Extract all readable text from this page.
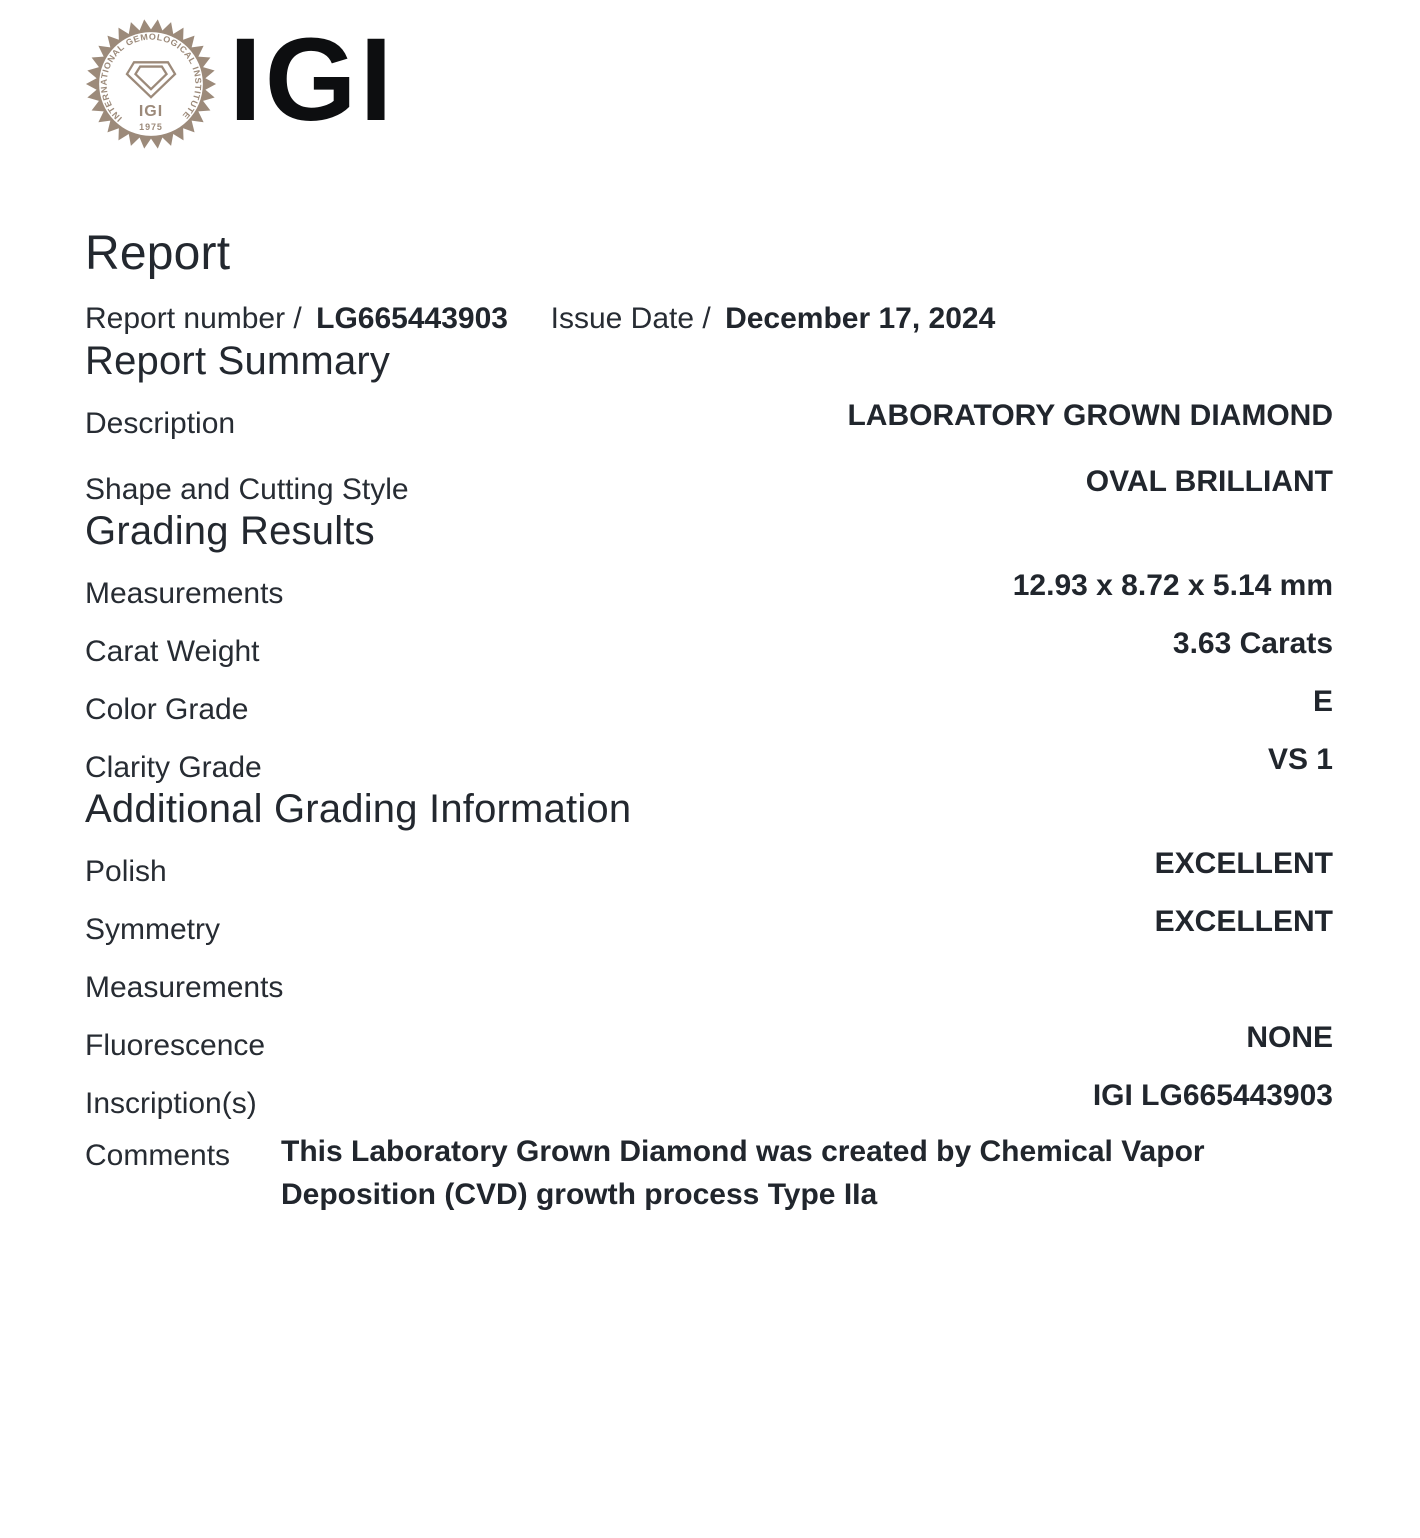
INTERNATIONAL GEMOLOGICAL INSTITUTE
IGI
1975 IGI
Report
Report number / LG665443903 Issue Date / December 17, 2024
Report Summary
Description	LABORATORY GROWN DIAMOND
Shape and Cutting Style	OVAL BRILLIANT
Grading Results
Measurements	12.93 x 8.72 x 5.14 mm
Carat Weight	3.63 Carats
Color Grade	E
Clarity Grade	VS 1
Additional Grading Information
Polish	EXCELLENT
Symmetry	EXCELLENT
Measurements
Fluorescence	NONE
Inscription(s)	IGI LG665443903
Comments	This Laboratory Grown Diamond was created by Chemical Vapor Deposition (CVD) growth process Type IIa
